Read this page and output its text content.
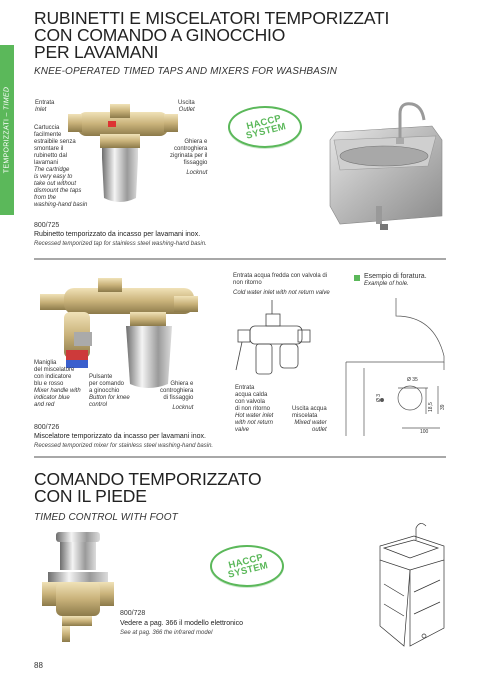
TEMPORIZZATI – TIMED
RUBINETTI E MISCELATORI TEMPORIZZATI
CON COMANDO A GINOCCHIO
PER LAVAMANI
KNEE-OPERATED TIMED TAPS AND MIXERS FOR WASHBASIN
Entrata
Inlet
Uscita
Outlet
Cartuccia
facilmente
estraibile senza
smontare il
rubinetto dal
lavamani
The cartridge
is very easy to
take out without
dismount the taps
from the
washing-hand basin
Ghiera e
controghiera
zigrinata per il
fissaggio
Locknut
HACCP
SYSTEM
800/725
Rubinetto temporizzato da incasso per lavamani inox.
Recessed temporized tap for stainless steel washing-hand basin.
Maniglia
del miscelatore
con indicatore
blu e rosso
Mixer handle with
indicator blue
and red
Pulsante
per comando
a ginocchio
Button for knee
control
Ghiera e
controghiera
di fissaggio
Locknut
Entrata acqua fredda con valvola di
non ritorno
Cold water inlet with not return valve
Entrata
acqua calda
con valvola
di non ritorno
Hot water inlet
with not return
valve
Uscita acqua
miscelata
Mixed water
outlet
Esempio di foratura.
Example of hole.
Ø 35
Ø 3
18,5 39
100
800/726
Miscelatore temporizzato da incasso per lavamani inox.
Recessed temporized mixer for stainless steel washing-hand basin.
COMANDO TEMPORIZZATO
CON IL PIEDE
TIMED CONTROL WITH FOOT
HACCP
SYSTEM
800/728
Vedere a pag. 366 il modello elettronico
See at pag. 366 the infrared model
88
